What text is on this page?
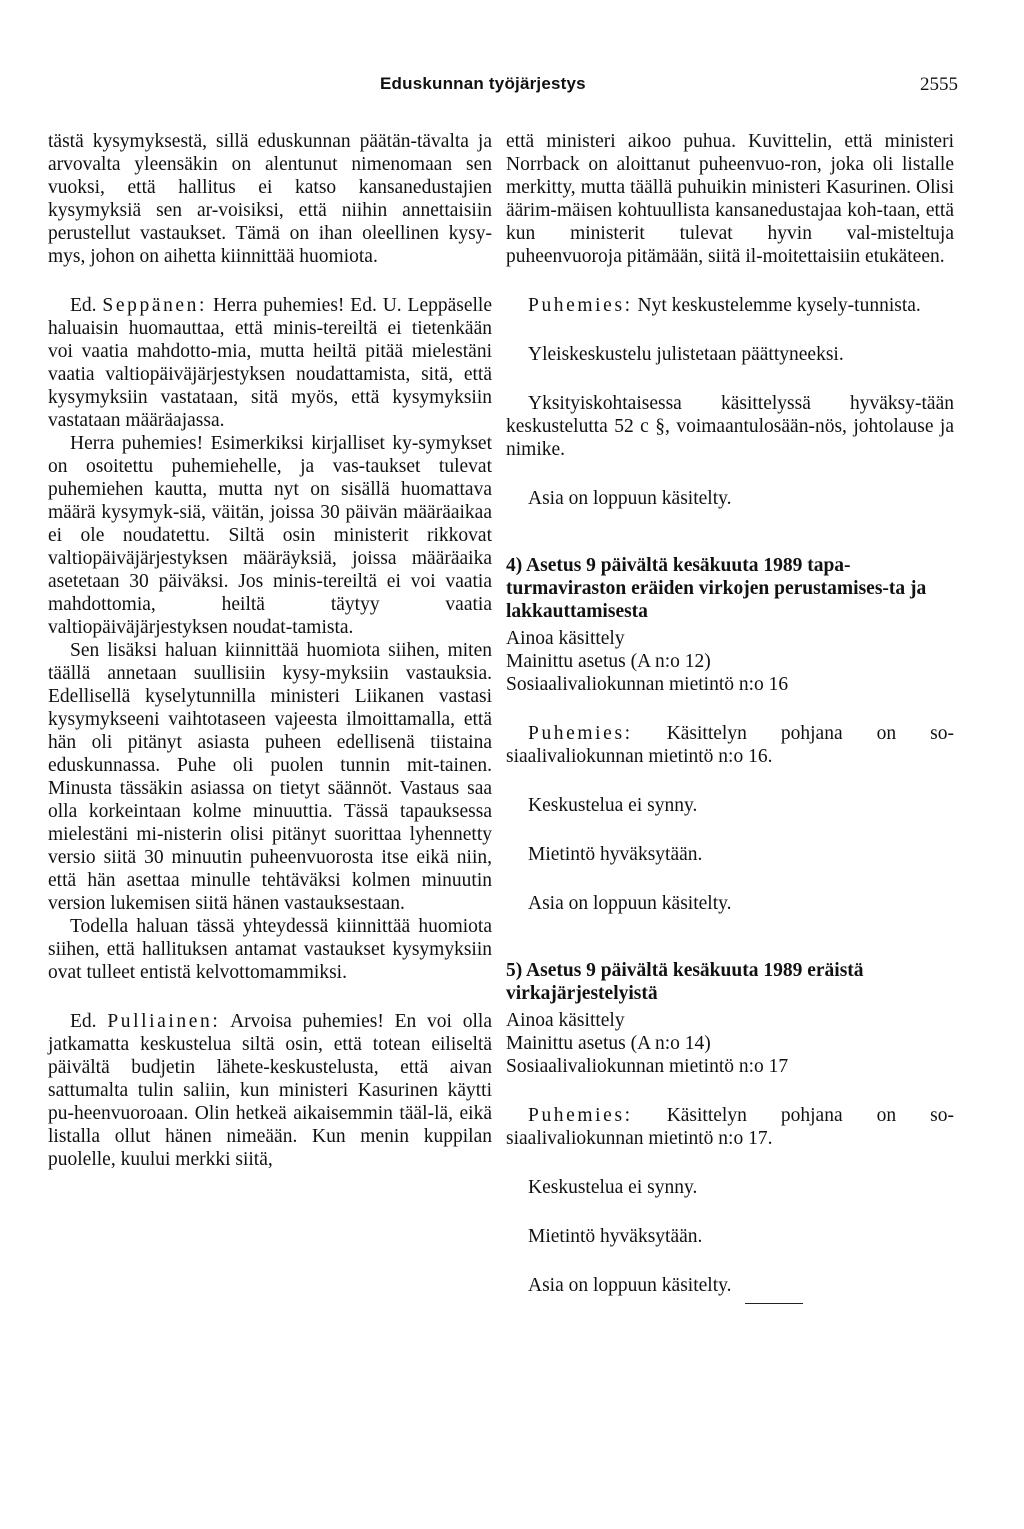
Eduskunnan työjärjestys	2555

tästä kysymyksestä, sillä eduskunnan päätän-tävalta ja arvovalta yleensäkin on alentunut nimenomaan sen vuoksi, että hallitus ei katso kansanedustajien kysymyksiä sen ar-voisiksi, että niihin annettaisiin perustellut vastaukset. Tämä on ihan oleellinen kysy-mys, johon on aihetta kiinnittää huomiota.

Ed. Seppänen: Herra puhemies! Ed. U. Leppäselle haluaisin huomauttaa, että minis-tereiltä ei tietenkään voi vaatia mahdotto-mia, mutta heiltä pitää mielestäni vaatia valtiopäiväjärjestyksen noudattamista, sitä, että kysymyksiin vastataan, sitä myös, että kysymyksiin vastataan määräajassa.

Herra puhemies! Esimerkiksi kirjalliset ky-symykset on osoitettu puhemiehelle, ja vas-taukset tulevat puhemiehen kautta, mutta nyt on sisällä huomattava määrä kysymyk-siä, väitän, joissa 30 päivän määräaikaa ei ole noudatettu. Siltä osin ministerit rikkovat valtiopäiväjärjestyksen määräyksiä, joissa määräaika asetetaan 30 päiväksi. Jos minis-tereiltä ei voi vaatia mahdottomia, heiltä täytyy vaatia valtiopäiväjärjestyksen noudat-tamista.

Sen lisäksi haluan kiinnittää huomiota siihen, miten täällä annetaan suullisiin kysy-myksiin vastauksia. Edellisellä kyselytunnilla ministeri Liikanen vastasi kysymykseeni vaihtotaseen vajeesta ilmoittamalla, että hän oli pitänyt asiasta puheen edellisenä tiistaina eduskunnassa. Puhe oli puolen tunnin mit-tainen. Minusta tässäkin asiassa on tietyt säännöt. Vastaus saa olla korkeintaan kolme minuuttia. Tässä tapauksessa mielestäni mi-nisterin olisi pitänyt suorittaa lyhennetty versio siitä 30 minuutin puheenvuorosta itse eikä niin, että hän asettaa minulle tehtäväksi kolmen minuutin version lukemisen siitä hänen vastauksestaan.

Todella haluan tässä yhteydessä kiinnittää huomiota siihen, että hallituksen antamat vastaukset kysymyksiin ovat tulleet entistä kelvottomammiksi.

Ed. Pulliainen: Arvoisa puhemies! En voi olla jatkamatta keskustelua siltä osin, että totean eiliseltä päivältä budjetin lähete-keskustelusta, että aivan sattumalta tulin saliin, kun ministeri Kasurinen käytti pu-heenvuoroaan. Olin hetkeä aikaisemmin tääl-lä, eikä listalla ollut hänen nimeään. Kun menin kuppilan puolelle, kuului merkki siitä,

että ministeri aikoo puhua. Kuvittelin, että ministeri Norrback on aloittanut puheenvuo-ron, joka oli listalle merkitty, mutta täällä puhuikin ministeri Kasurinen. Olisi äärim-mäisen kohtuullista kansanedustajaa koh-taan, että kun ministerit tulevat hyvin val-misteltuja puheenvuoroja pitämään, siitä il-moitettaisiin etukäteen.

Puhemies: Nyt keskustelemme kysely-tunnista.

Yleiskeskustelu julistetaan päättyneeksi.

Yksityiskohtaisessa käsittelyssä hyväksy-tään keskustelutta 52 c §, voimaantulosään-nös, johtolause ja nimike.

Asia on loppuun käsitelty.

4) Asetus 9 päivältä kesäkuuta 1989 tapa-turmaviraston eräiden virkojen perustamises-ta ja lakkauttamisesta

Ainoa käsittely

Mainittu asetus (A n:o 12)

Sosiaalivaliokunnan mietintö n:o 16

Puhemies: Käsittelyn pohjana on so-siaalivaliokunnan mietintö n:o 16.

Keskustelua ei synny.

Mietintö hyväksytään.

Asia on loppuun käsitelty.

5) Asetus 9 päivältä kesäkuuta 1989 eräistä virkajärjestelyistä

Ainoa käsittely

Mainittu asetus (A n:o 14)

Sosiaalivaliokunnan mietintö n:o 17

Puhemies: Käsittelyn pohjana on so-siaalivaliokunnan mietintö n:o 17.

Keskustelua ei synny.

Mietintö hyväksytään.

Asia on loppuun käsitelty.
